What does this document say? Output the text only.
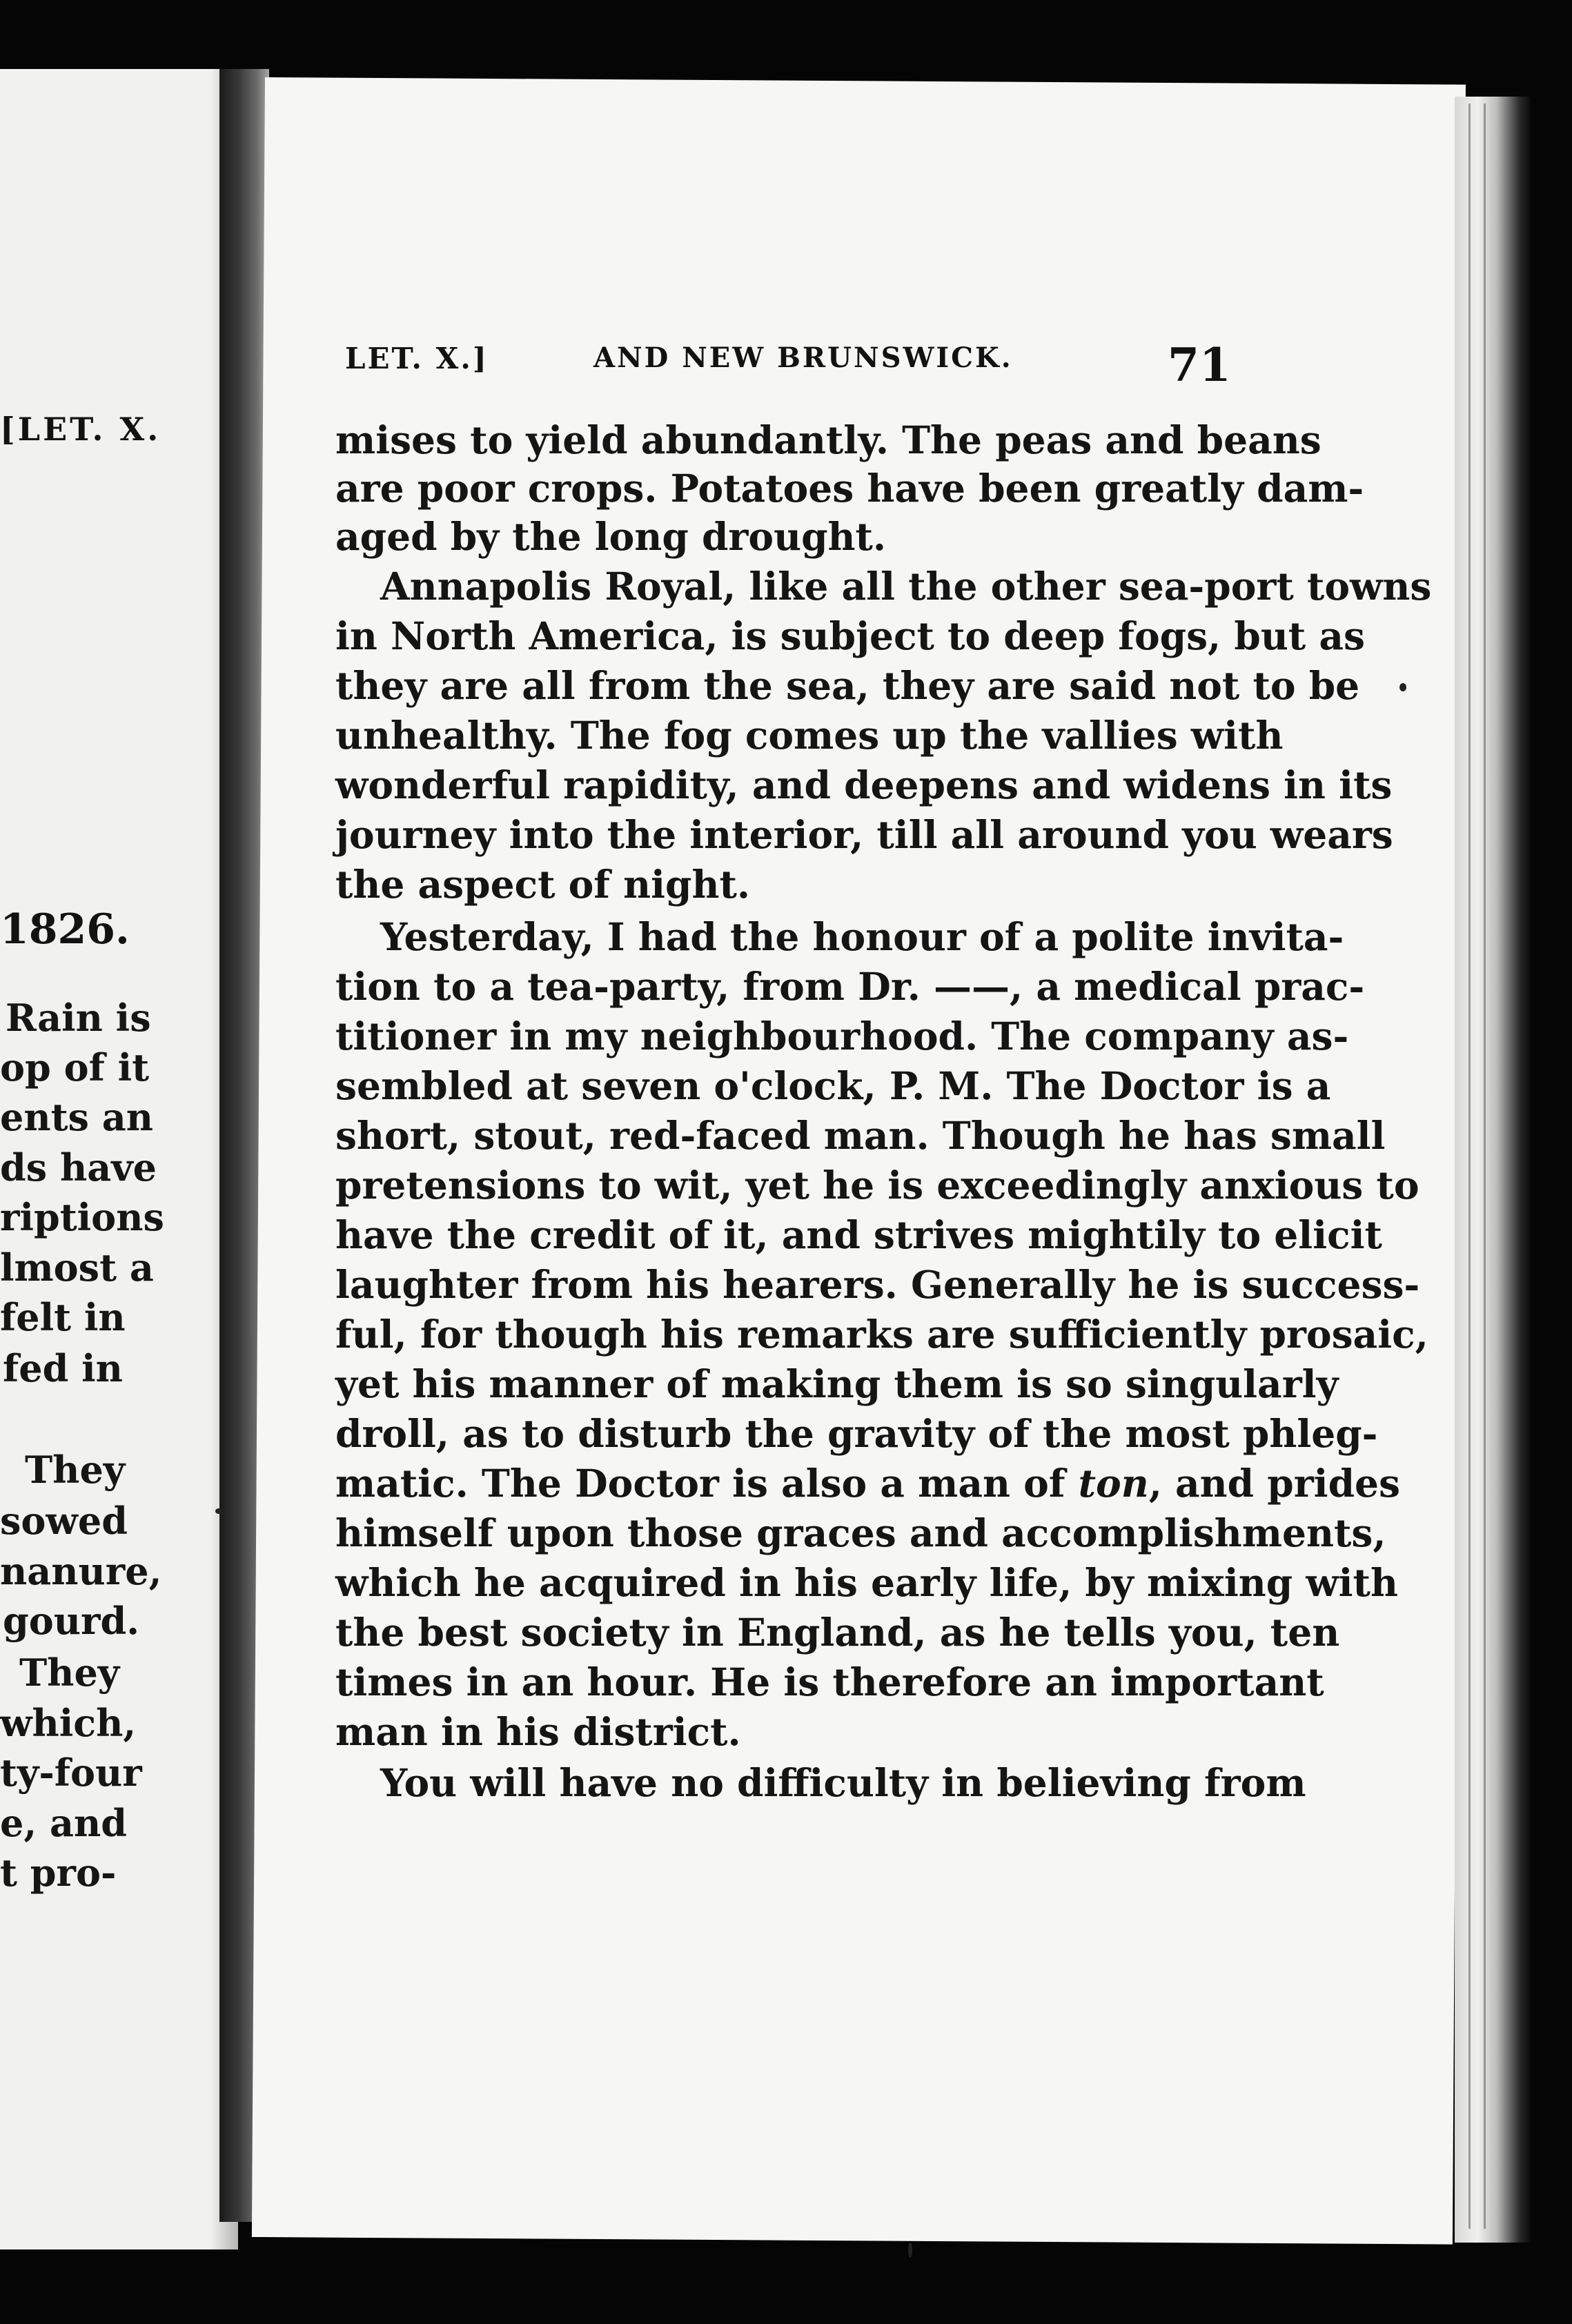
[LET. X.
1826.
Rain is
op of it
ents an
ds have
riptions
lmost a
felt in
fed in
They
sowed
nanure,
gourd.
They
which,
ty-four
e, and
t pro-
LET. X.]	AND NEW BRUNSWICK.	71
mises to yield abundantly. The peas and beans
are poor crops. Potatoes have been greatly dam-
aged by the long drought.
Annapolis Royal, like all the other sea-port towns
in North America, is subject to deep fogs, but as
they are all from the sea, they are said not to be
unhealthy. The fog comes up the vallies with
wonderful rapidity, and deepens and widens in its
journey into the interior, till all around you wears
the aspect of night.
Yesterday, I had the honour of a polite invita-
tion to a tea-party, from Dr. ——, a medical prac-
titioner in my neighbourhood. The company as-
sembled at seven o'clock, P. M. The Doctor is a
short, stout, red-faced man. Though he has small
pretensions to wit, yet he is exceedingly anxious to
have the credit of it, and strives mightily to elicit
laughter from his hearers. Generally he is success-
ful, for though his remarks are sufficiently prosaic,
yet his manner of making them is so singularly
droll, as to disturb the gravity of the most phleg-
matic. The Doctor is also a man of ton, and prides
himself upon those graces and accomplishments,
which he acquired in his early life, by mixing with
the best society in England, as he tells you, ten
times in an hour. He is therefore an important
man in his district.
You will have no difficulty in believing from
